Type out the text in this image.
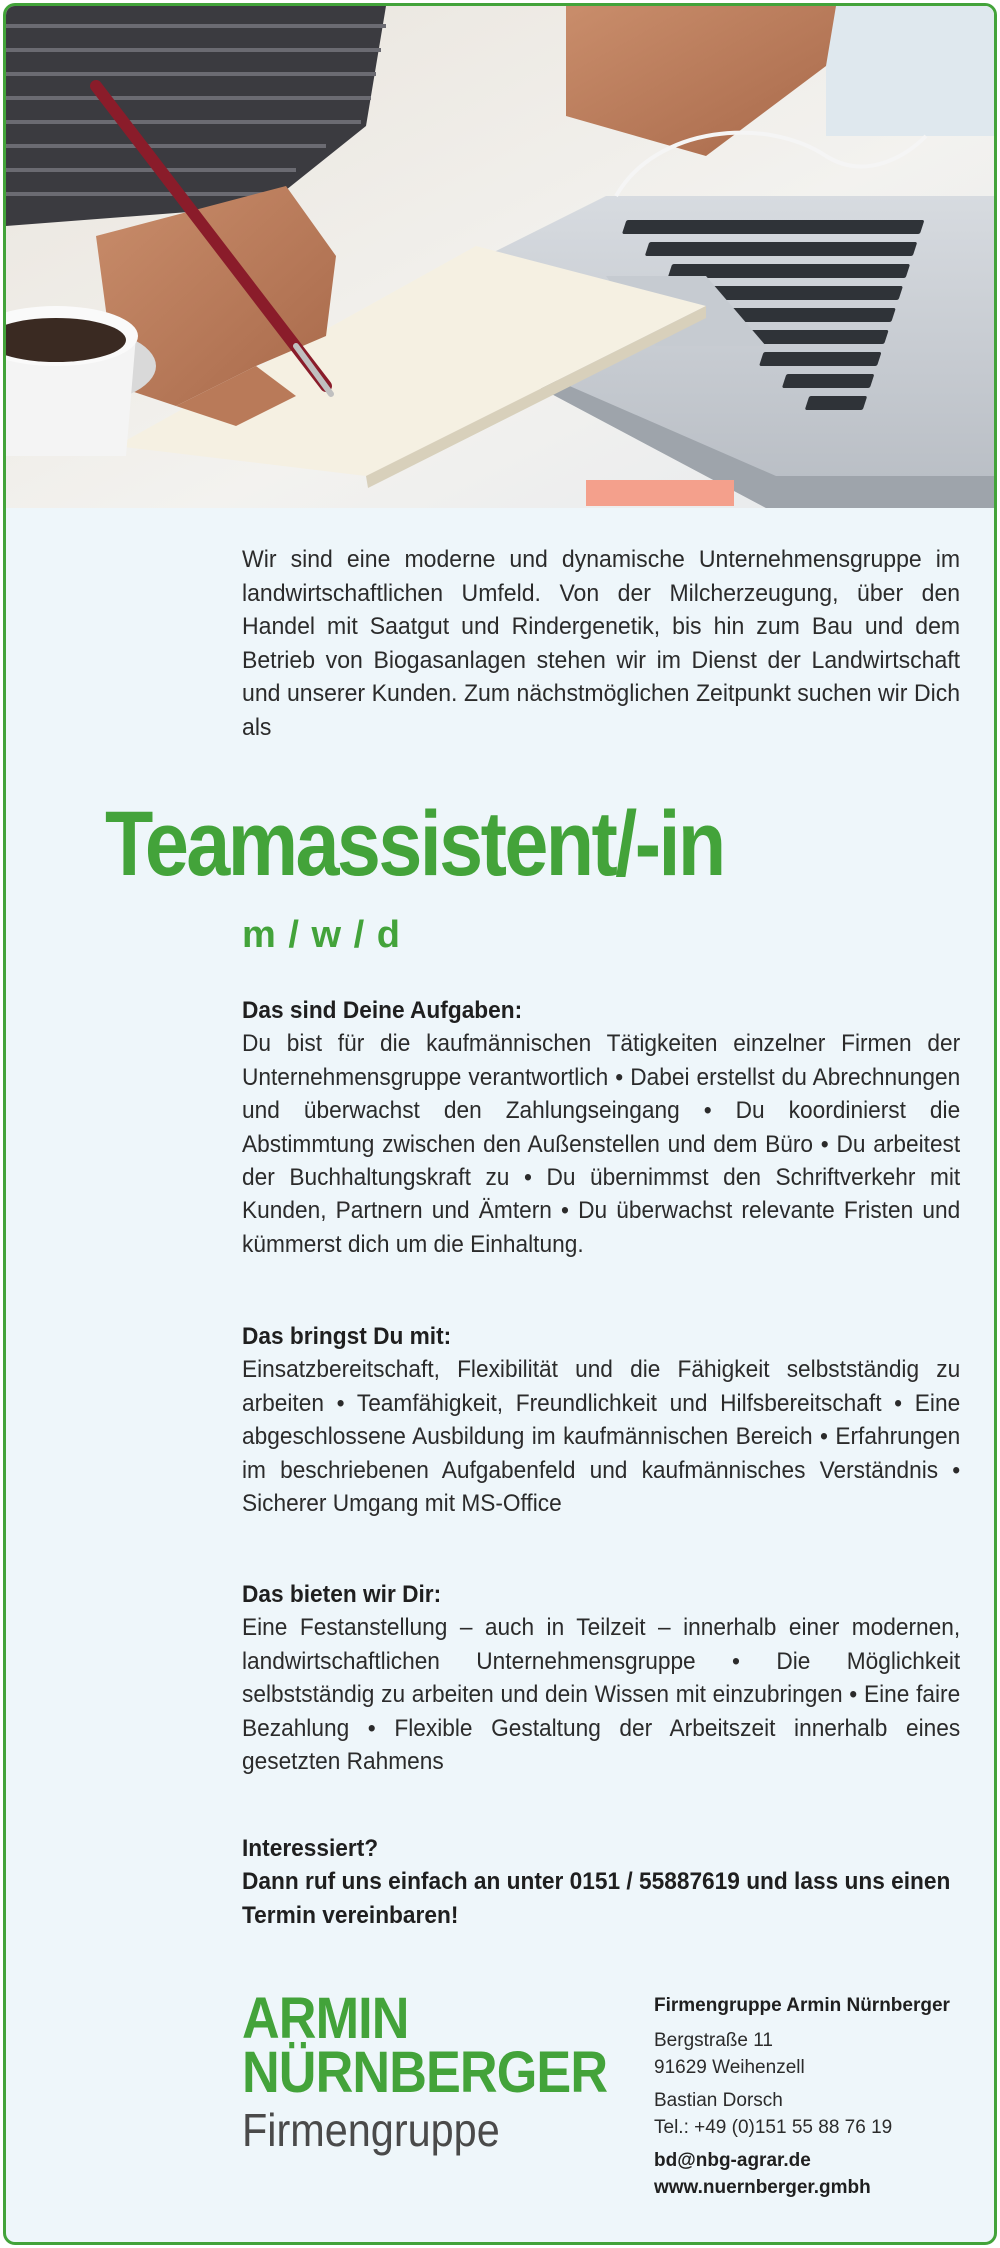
Wir sind eine moderne und dynamische Unternehmensgruppe im landwirtschaftlichen Umfeld. Von der Milcherzeugung, über den Handel mit Saatgut und Rindergenetik, bis hin zum Bau und dem Betrieb von Biogasanlagen stehen wir im Dienst der Landwirtschaft und unserer Kunden. Zum nächstmöglichen Zeitpunkt suchen wir Dich als

Teamassistent/-in
m / w / d
Das sind Deine Aufgaben:

Du bist für die kaufmännischen Tätigkeiten einzelner Firmen der Unternehmensgruppe verantwortlich • Dabei erstellst du Abrechnungen und überwachst den Zahlungseingang • Du koordinierst die Abstimmtung zwischen den Außenstellen und dem Büro • Du arbeitest der Buchhaltungskraft zu • Du übernimmst den Schriftverkehr mit Kunden, Partnern und Ämtern • Du überwachst relevante Fristen und kümmerst dich um die Einhaltung.

Das bringst Du mit:

Einsatzbereitschaft, Flexibilität und die Fähigkeit selbstständig zu arbeiten • Teamfähigkeit, Freundlichkeit und Hilfsbereitschaft • Eine abgeschlossene Ausbildung im kaufmännischen Bereich • Erfahrungen im beschriebenen Aufgabenfeld und kaufmännisches Verständnis • Sicherer Umgang mit MS-Office

Das bieten wir Dir:

Eine Festanstellung – auch in Teilzeit – innerhalb einer modernen, landwirtschaftlichen Unternehmensgruppe • Die Möglichkeit selbstständig zu arbeiten und dein Wissen mit einzubringen • Eine faire Bezahlung • Flexible Gestaltung der Arbeitszeit innerhalb eines gesetzten Rahmens

Interessiert?
Dann ruf uns einfach an unter 0151 / 55887619 und lass uns einen Termin vereinbaren!
ARMIN
NÜRNBERGER
Firmengruppe
Firmengruppe Armin Nürnberger
Bergstraße 11
91629 Weihenzell
Bastian Dorsch
Tel.: +49 (0)151 55 88 76 19
bd@nbg-agrar.de
www.nuernberger.gmbh
